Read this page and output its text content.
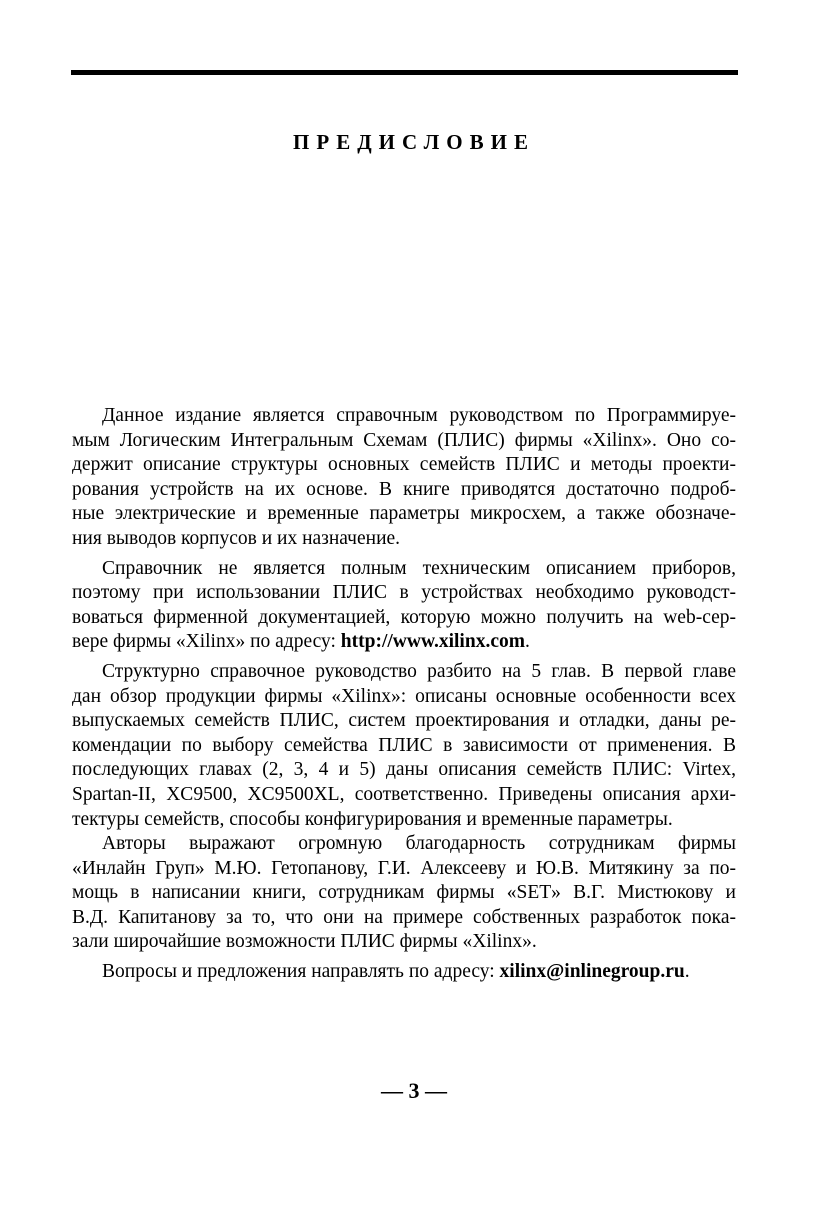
ПРЕДИСЛОВИЕ
Данное издание является справочным руководством по Программируе-
мым Логическим Интегральным Схемам (ПЛИС) фирмы «Xilinx». Оно со-
держит описание структуры основных семейств ПЛИС и методы проекти-
рования устройств на их основе. В книге приводятся достаточно подроб-
ные электрические и временные параметры микросхем, а также обозначе-
ния выводов корпусов и их назначение.
Справочник не является полным техническим описанием приборов,
поэтому при использовании ПЛИС в устройствах необходимо руководст-
воваться фирменной документацией, которую можно получить на web-сер-
вере фирмы «Xilinx» по адресу: http://www.xilinx.com.
Структурно справочное руководство разбито на 5 глав. В первой главе
дан обзор продукции фирмы «Xilinx»: описаны основные особенности всех
выпускаемых семейств ПЛИС, систем проектирования и отладки, даны ре-
комендации по выбору семейства ПЛИС в зависимости от применения. В
последующих главах (2, 3, 4 и 5) даны описания семейств ПЛИС: Virtex,
Spartan-II, XC9500, XC9500XL, соответственно. Приведены описания архи-
тектуры семейств, способы конфигурирования и временные параметры.
Авторы выражают огромную благодарность сотрудникам фирмы
«Инлайн Груп» М.Ю. Гетопанову, Г.И. Алексееву и Ю.В. Митякину за по-
мощь в написании книги, сотрудникам фирмы «SET» В.Г. Мистюкову и
В.Д. Капитанову за то, что они на примере собственных разработок пока-
зали широчайшие возможности ПЛИС фирмы «Xilinx».
Вопросы и предложения направлять по адресу: xilinx@inlinegroup.ru.
— 3 —
